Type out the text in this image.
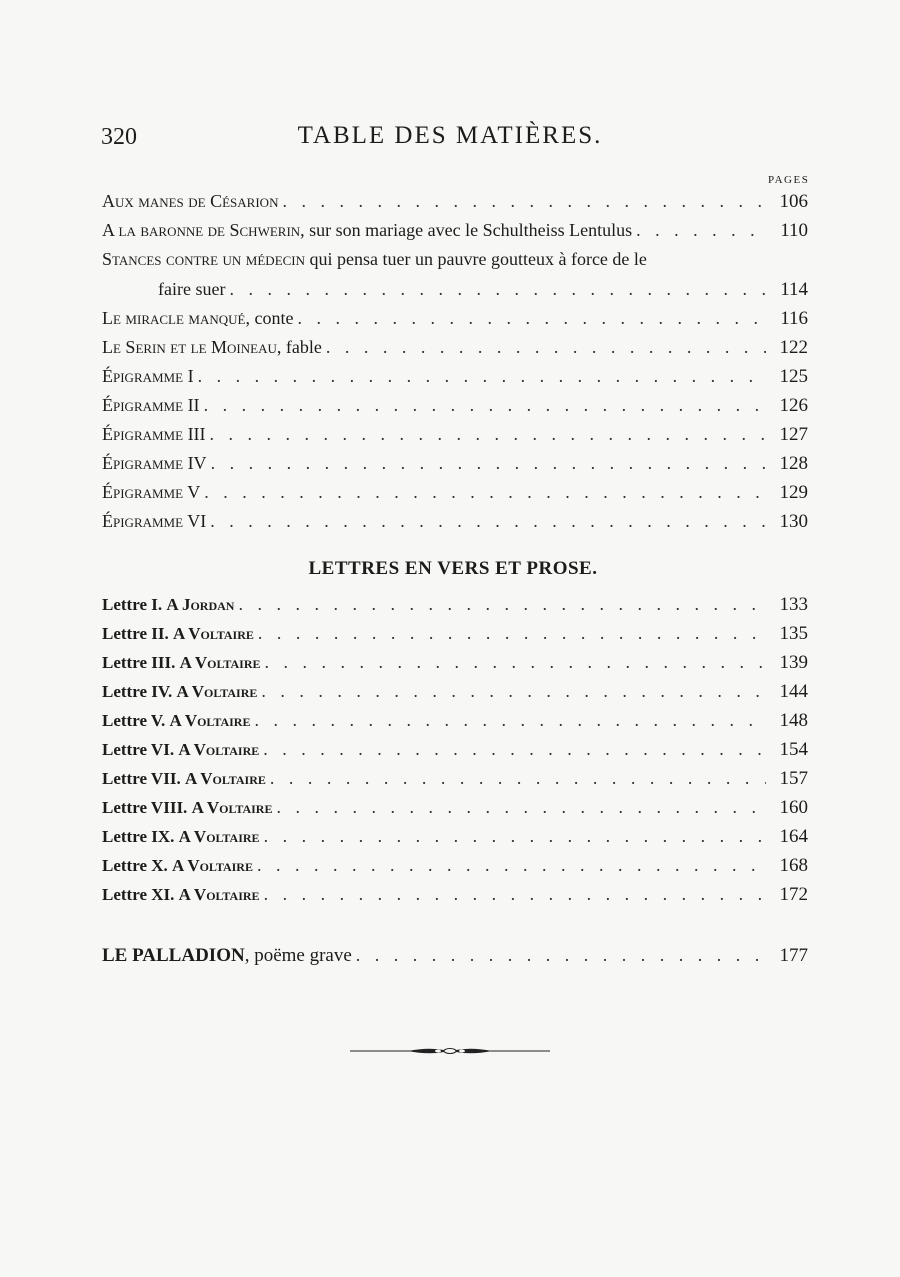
320	TABLE DES MATIÈRES.
PAGES
Aux manes de Césarion . . .	106
A la baronne de Schwerin, sur son mariage avec le Schultheiss Lentulus . . .	110
Stances contre un médecin qui pensa tuer un pauvre goutteux à force de le
faire suer . . .	114
Le miracle manqué, conte . . .	116
Le Serin et le Moineau, fable . . .	122
Épigramme I . . .	125
Épigramme II . . .	126
Épigramme III . . .	127
Épigramme IV . . .	128
Épigramme V . . .	129
Épigramme VI . . .	130
LETTRES EN VERS ET PROSE.
Lettre I. A Jordan . . .	133
Lettre II. A Voltaire . . .	135
Lettre III. A Voltaire . . .	139
Lettre IV. A Voltaire . . .	144
Lettre V. A Voltaire . . .	148
Lettre VI. A Voltaire . . .	154
Lettre VII. A Voltaire . . .	157
Lettre VIII. A Voltaire . . .	160
Lettre IX. A Voltaire . . .	164
Lettre X. A Voltaire . . .	168
Lettre XI. A Voltaire . . .	172
LE PALLADION, poëme grave . . .	177
